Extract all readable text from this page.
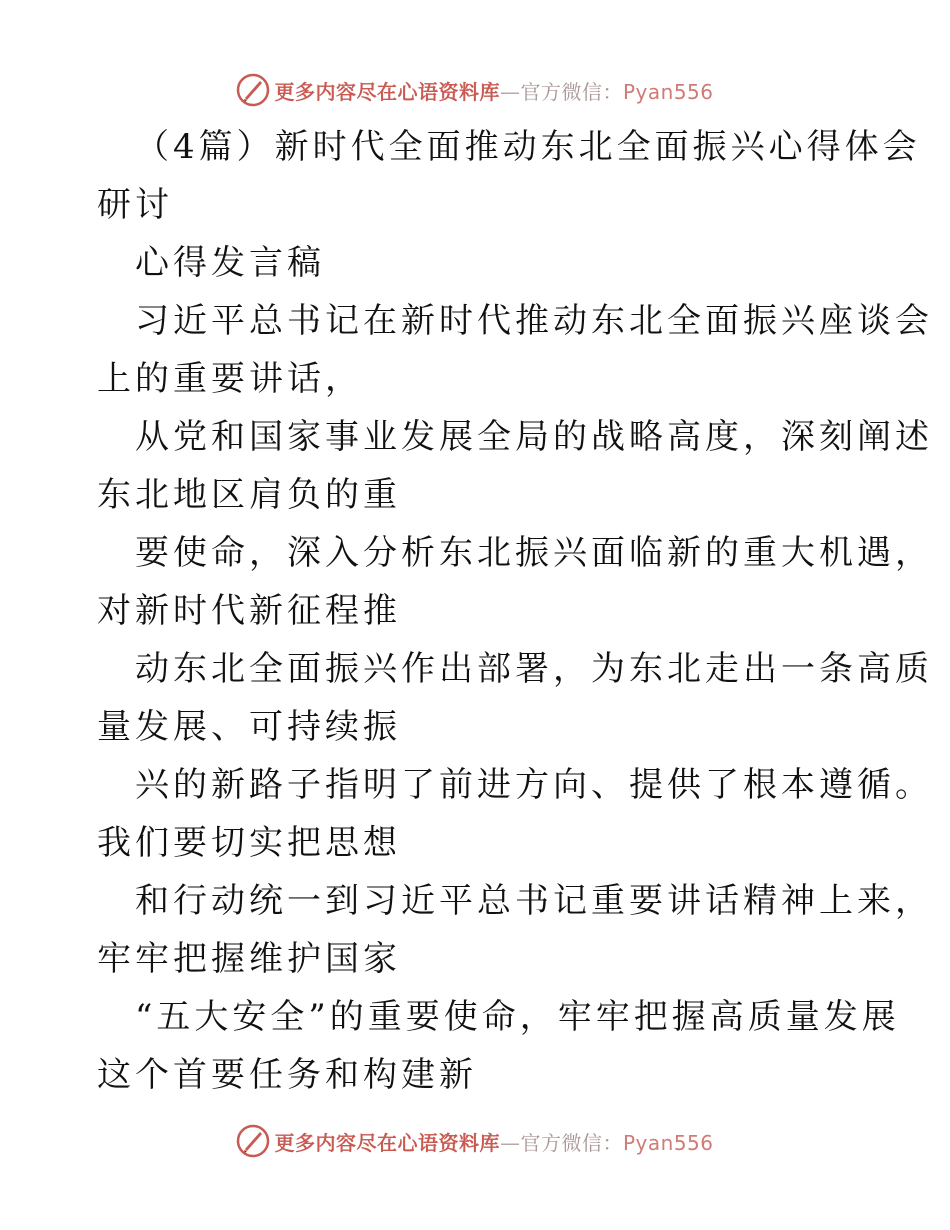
更多内容尽在心语资料库—官方微信：Pyan556
（4篇）新时代全面推动东北全面振兴心得体会
研讨
心得发言稿
习近平总书记在新时代推动东北全面振兴座谈会
上的重要讲话，
从党和国家事业发展全局的战略高度，深刻阐述
东北地区肩负的重
要使命，深入分析东北振兴面临新的重大机遇，
对新时代新征程推
动东北全面振兴作出部署，为东北走出一条高质
量发展、可持续振
兴的新路子指明了前进方向、提供了根本遵循。
我们要切实把思想
和行动统一到习近平总书记重要讲话精神上来，
牢牢把握维护国家
“五大安全”的重要使命，牢牢把握高质量发展
这个首要任务和构建新
更多内容尽在心语资料库—官方微信：Pyan556
